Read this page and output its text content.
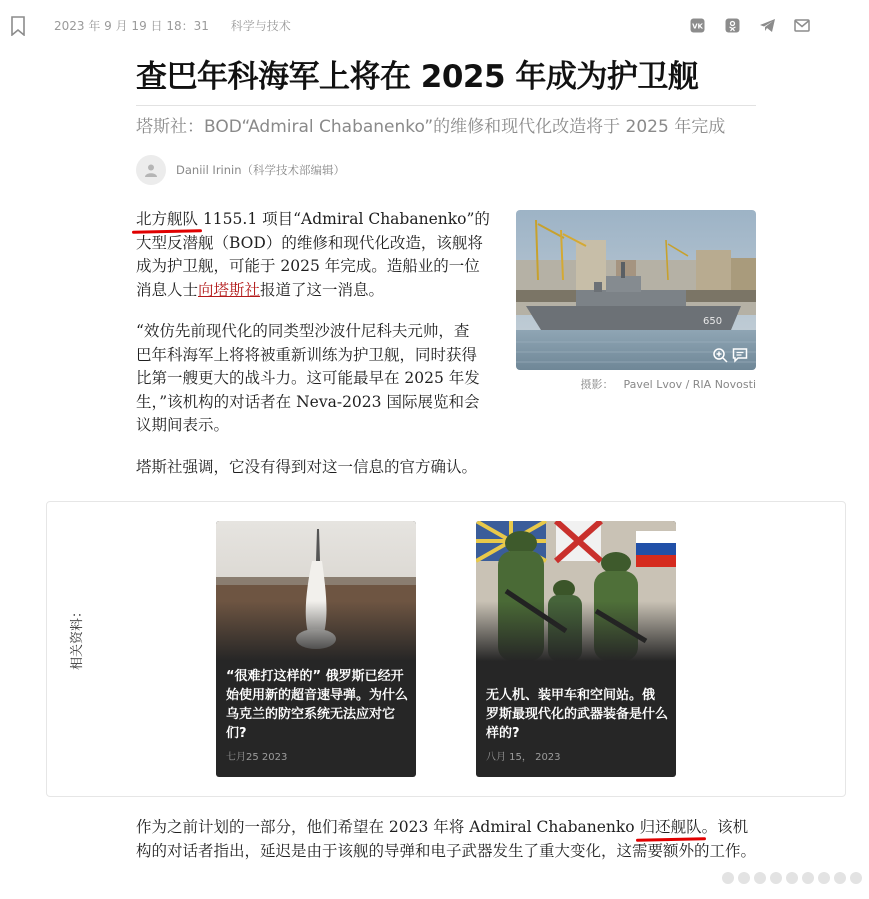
2023 年 9 月 19 日 18：31 科学与技术	VK
查巴年科海军上将在 2025 年成为护卫舰
塔斯社：BOD“Admiral Chabanenko”的维修和现代化改造将于 2025 年完成
Daniil Irinin（科学技术部编辑）

北方舰队 1155.1 项目“Admiral Chabanenko”的大型反潜舰（BOD）的维修和现代化改造，该舰将成为护卫舰，可能于 2025 年完成。造船业的一位消息人士向塔斯社报道了这一消息。

650
摄影： Pavel Lvov / RIA Novosti

“效仿先前现代化的同类型沙波什尼科夫元帅，查巴年科海军上将将被重新训练为护卫舰，同时获得比第一艘更大的战斗力。这可能最早在 2025 年发生，”该机构的对话者在 Neva-2023 国际展览和会议期间表示。

塔斯社强调，它没有得到对这一信息的官方确认。

相关资料：
“很难打这样的” 俄罗斯已经开始使用新的超音速导弹。为什么乌克兰的防空系统无法应对它们?
七月25 2023
无人机、装甲车和空间站。俄罗斯最现代化的武器装备是什么样的?
八月 15， 2023

作为之前计划的一部分，他们希望在 2023 年将 Admiral Chabanenko 归还舰队。该机构的对话者指出，延迟是由于该舰的导弹和电子武器发生了重大变化，这需要额外的工作。
